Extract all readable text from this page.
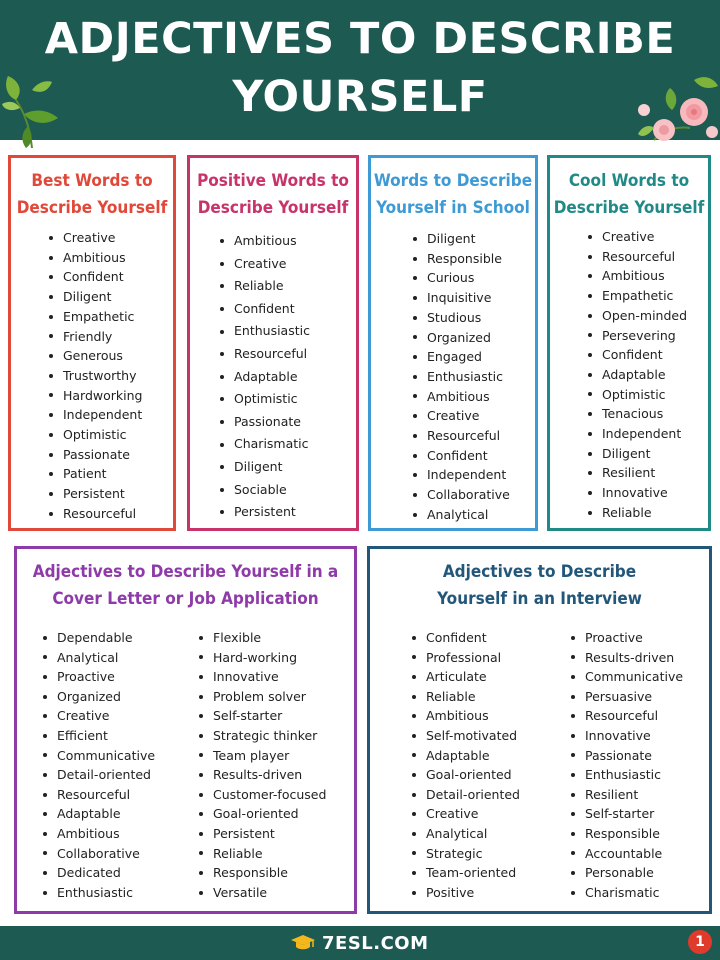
ADJECTIVES TO DESCRIBE
YOURSELF
Best Words to
Describe Yourself
Creative
Ambitious
Confident
Diligent
Empathetic
Friendly
Generous
Trustworthy
Hardworking
Independent
Optimistic
Passionate
Patient
Persistent
Resourceful
Positive Words to
Describe Yourself
Ambitious
Creative
Reliable
Confident
Enthusiastic
Resourceful
Adaptable
Optimistic
Passionate
Charismatic
Diligent
Sociable
Persistent
Words to Describe
Yourself in School
Diligent
Responsible
Curious
Inquisitive
Studious
Organized
Engaged
Enthusiastic
Ambitious
Creative
Resourceful
Confident
Independent
Collaborative
Analytical
Cool Words to
Describe Yourself
Creative
Resourceful
Ambitious
Empathetic
Open-minded
Persevering
Confident
Adaptable
Optimistic
Tenacious
Independent
Diligent
Resilient
Innovative
Reliable
Adjectives to Describe Yourself in a
Cover Letter or Job Application
Dependable
Analytical
Proactive
Organized
Creative
Efficient
Communicative
Detail-oriented
Resourceful
Adaptable
Ambitious
Collaborative
Dedicated
Enthusiastic
Flexible
Hard-working
Innovative
Problem solver
Self-starter
Strategic thinker
Team player
Results-driven
Customer-focused
Goal-oriented
Persistent
Reliable
Responsible
Versatile
Adjectives to Describe
Yourself in an Interview
Confident
Professional
Articulate
Reliable
Ambitious
Self-motivated
Adaptable
Goal-oriented
Detail-oriented
Creative
Analytical
Strategic
Team-oriented
Positive
Proactive
Results-driven
Communicative
Persuasive
Resourceful
Innovative
Passionate
Enthusiastic
Resilient
Self-starter
Responsible
Accountable
Personable
Charismatic
7ESL.COM	1
